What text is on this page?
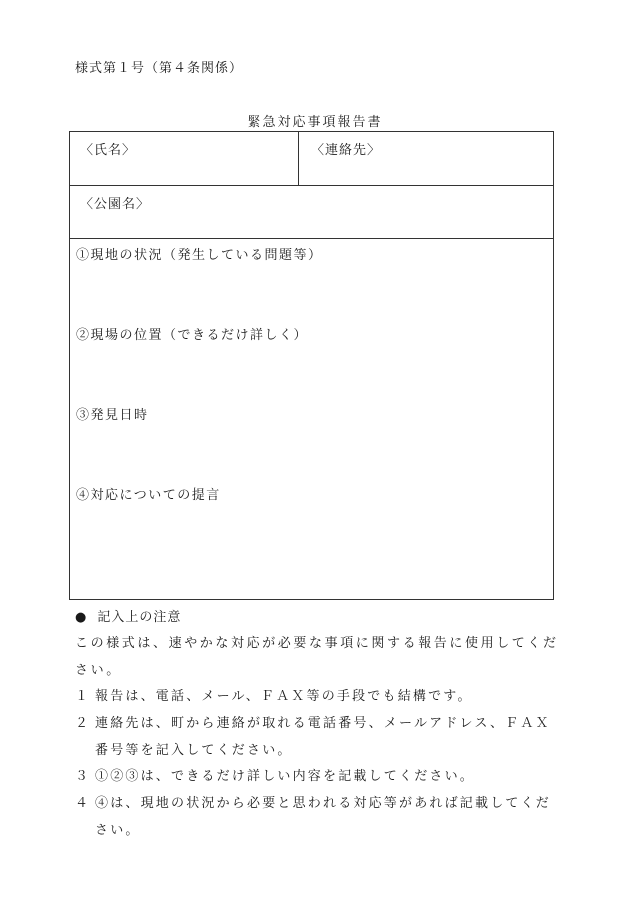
様式第１号（第４条関係）
緊急対応事項報告書
〈氏名〉	〈連絡先〉
〈公園名〉
①現地の状況（発生している問題等）
②現場の位置（できるだけ詳しく）
③発見日時
④対応についての提言
● 記入上の注意
この様式は、速やかな対応が必要な事項に関する報告に使用してください。
１ 報告は、電話、メール、ＦＡＸ等の手段でも結構です。
２ 連絡先は、町から連絡が取れる電話番号、メールアドレス、ＦＡＸ番号等を記入してください。
３ ①②③は、できるだけ詳しい内容を記載してください。
４ ④は、現地の状況から必要と思われる対応等があれば記載してください。
